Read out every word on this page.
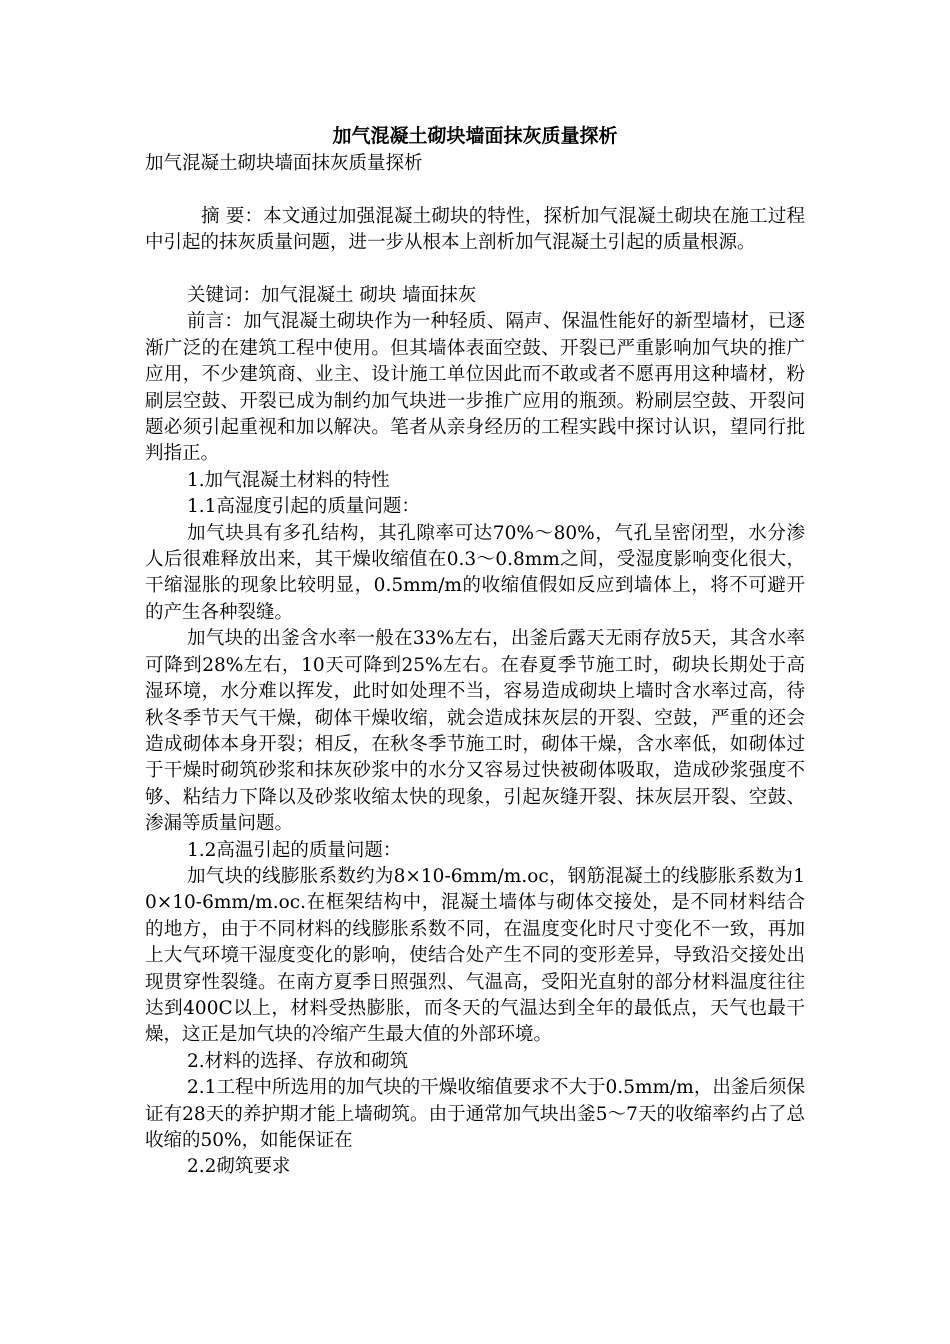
加气混凝土砌块墙面抹灰质量探析

加气混凝土砌块墙面抹灰质量探析

摘 要：本文通过加强混凝土砌块的特性，探析加气混凝土砌块在施工过程中引起的抹灰质量问题，进一步从根本上剖析加气混凝土引起的质量根源。

关键词：加气混凝土 砌块 墙面抹灰

前言：加气混凝土砌块作为一种轻质、隔声、保温性能好的新型墙材，已逐渐广泛的在建筑工程中使用。但其墙体表面空鼓、开裂已严重影响加气块的推广应用，不少建筑商、业主、设计施工单位因此而不敢或者不愿再用这种墙材，粉刷层空鼓、开裂已成为制约加气块进一步推广应用的瓶颈。粉刷层空鼓、开裂问题必须引起重视和加以解决。笔者从亲身经历的工程实践中探讨认识，望同行批判指正。

1.加气混凝土材料的特性

1.1高湿度引起的质量问题：

加气块具有多孔结构，其孔隙率可达70%～80%，气孔呈密闭型，水分渗人后很难释放出来，其干燥收缩值在0.3～0.8mm之间，受湿度影响变化很大，干缩湿胀的现象比较明显，0.5mm/m的收缩值假如反应到墙体上，将不可避开的产生各种裂缝。

加气块的出釜含水率一般在33%左右，出釜后露天无雨存放5天，其含水率可降到28%左右，10天可降到25%左右。在春夏季节施工时，砌块长期处于高湿环境，水分难以挥发，此时如处理不当，容易造成砌块上墙时含水率过高，待秋冬季节天气干燥，砌体干燥收缩，就会造成抹灰层的开裂、空鼓，严重的还会造成砌体本身开裂；相反，在秋冬季节施工时，砌体干燥，含水率低，如砌体过于干燥时砌筑砂浆和抹灰砂浆中的水分又容易过快被砌体吸取，造成砂浆强度不够、粘结力下降以及砂浆收缩太快的现象，引起灰缝开裂、抹灰层开裂、空鼓、渗漏等质量问题。

1.2高温引起的质量问题：

加气块的线膨胀系数约为8×10-6mm/m.oc，钢筋混凝土的线膨胀系数为10×10-6mm/m.oc.在框架结构中，混凝土墙体与砌体交接处，是不同材料结合的地方，由于不同材料的线膨胀系数不同，在温度变化时尺寸变化不一致，再加上大气环境干湿度变化的影响，使结合处产生不同的变形差异，导致沿交接处出现贯穿性裂缝。在南方夏季日照强烈、气温高，受阳光直射的部分材料温度往往达到400C以上，材料受热膨胀，而冬天的气温达到全年的最低点，天气也最干燥，这正是加气块的冷缩产生最大值的外部环境。

2.材料的选择、存放和砌筑

2.1工程中所选用的加气块的干燥收缩值要求不大于0.5mm/m，出釜后须保证有28天的养护期才能上墙砌筑。由于通常加气块出釜5～7天的收缩率约占了总收缩的50%，如能保证在

2.2砌筑要求
